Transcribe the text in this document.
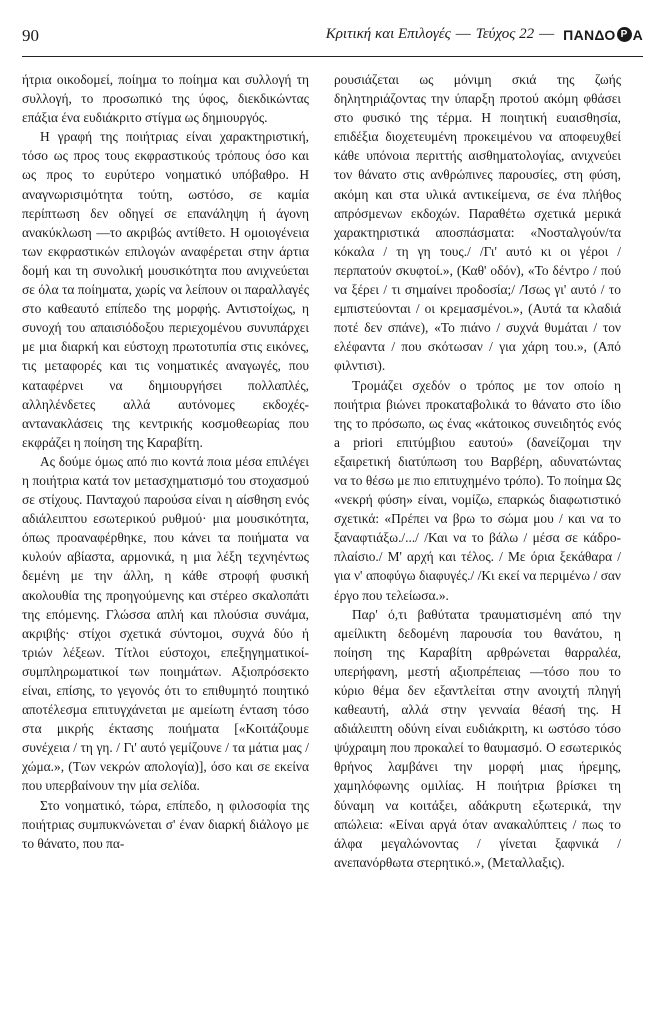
90	Κριτική και Επιλογές — Τεύχος 22 — ΠΑΝΔΟ Ρ Α

ήτρια οικοδομεί, ποίημα το ποίημα και συλλογή τη συλλογή, το προσωπικό της ύφος, διεκδικώντας επάξια ένα ευδιάκριτο στίγμα ως δημιουργός.

Η γραφή της ποιήτριας είναι χαρακτηριστική, τόσο ως προς τους εκφραστικούς τρόπους όσο και ως προς το ευρύτερο νοηματικό υπόβαθρο. Η αναγνωρισιμότητα τούτη, ωστόσο, σε καμία περίπτωση δεν οδηγεί σε επανάληψη ή άγονη ανακύκλωση —το ακριβώς αντίθετο. Η ομοιογένεια των εκφραστικών επιλογών αναφέρεται στην άρτια δομή και τη συνολική μουσικότητα που ανιχνεύεται σε όλα τα ποίηματα, χωρίς να λείπουν οι παραλλαγές στο καθεαυτό επίπεδο της μορφής. Αντιστοίχως, η συνοχή του απαισιόδοξου περιεχομένου συνυπάρχει με μια διαρκή και εύστοχη πρωτοτυπία στις εικόνες, τις μεταφορές και τις νοηματικές αναγωγές, που καταφέρνει να δημιουργήσει πολλαπλές, αλληλένδετες αλλά αυτόνομες εκδοχές-αντανακλάσεις της κεντρικής κοσμοθεωρίας που εκφράζει η ποίηση της Καραβίτη.

Ας δούμε όμως από πιο κοντά ποια μέσα επιλέγει η ποιήτρια κατά τον μετασχηματισμό του στοχασμού σε στίχους. Πανταχού παρούσα είναι η αίσθηση ενός αδιάλειπτου εσωτερικού ρυθμού· μια μουσικότητα, όπως προαναφέρθηκε, που κάνει τα ποιήματα να κυλούν αβίαστα, αρμονικά, η μια λέξη τεχνηέντως δεμένη με την άλλη, η κάθε στροφή φυσική ακολουθία της προηγούμενης και στέρεο σκαλοπάτι της επόμενης. Γλώσσα απλή και πλούσια συνάμα, ακριβής· στίχοι σχετικά σύντομοι, συχνά δύο ή τριών λέξεων. Τίτλοι εύστοχοι, επεξηγηματικοί-συμπληρωματικοί των ποιημάτων. Αξιοπρόσεκτο είναι, επίσης, το γεγονός ότι το επιθυμητό ποιητικό αποτέλεσμα επιτυγχάνεται με αμείωτη ένταση τόσο στα μικρής έκτασης ποιήματα [«Κοιτάζουμε συνέχεια / τη γη. / Γι' αυτό γεμίζουνε / τα μάτια μας / χώμα.», (Των νεκρών απολογία)], όσο και σε εκείνα που υπερβαίνουν την μία σελίδα.

Στο νοηματικό, τώρα, επίπεδο, η φιλοσοφία της ποιήτριας συμπυκνώνεται σ' έναν διαρκή διάλογο με το θάνατο, που πα-

ρουσιάζεται ως μόνιμη σκιά της ζωής δηλητηριάζοντας την ύπαρξη προτού ακόμη φθάσει στο φυσικό της τέρμα. Η ποιητική ευαισθησία, επιδέξια διοχετευμένη προκειμένου να αποφευχθεί κάθε υπόνοια περιττής αισθηματολογίας, ανιχνεύει τον θάνατο στις ανθρώπινες παρουσίες, στη φύση, ακόμη και στα υλικά αντικείμενα, σε ένα πλήθος απρόσμενων εκδοχών. Παραθέτω σχετικά μερικά χαρακτηριστικά αποσπάσματα: «Νοσταλγούν/τα κόκαλα / τη γη τους./ /Γι' αυτό κι οι γέροι / περπατούν σκυφτοί.», (Καθ' οδόν), «Το δέντρο / πού να ξέρει / τι σημαίνει προδοσία;/ /Ίσως γι' αυτό / το εμπιστεύονται / οι κρεμασμένοι.», (Αυτά τα κλαδιά ποτέ δεν σπάνε), «Το πιάνο / συχνά θυμάται / τον ελέφαντα / που σκότωσαν / για χάρη του.», (Από φιλντισι).

Τρομάζει σχεδόν ο τρόπος με τον οποίο η ποιήτρια βιώνει προκαταβολικά το θάνατο στο ίδιο της το πρόσωπο, ως ένας «κάτοικος συνειδητός ενός a priori επιτύμβιου εαυτού» (δανείζομαι την εξαιρετική διατύπωση του Βαρβέρη, αδυνατώντας να το θέσω με πιο επιτυχημένο τρόπο). Το ποίημα Ως «νεκρή φύση» είναι, νομίζω, επαρκώς διαφωτιστικό σχετικά: «Πρέπει να βρω το σώμα μου / και να το ξαναφτιάξω./.../ /Και να το βάλω / μέσα σε κάδρο-πλαίσιο./ Μ' αρχή και τέλος. / Με όρια ξεκάθαρα / για ν' αποφύγω διαφυγές./ /Κι εκεί να περιμένω / σαν έργο που τελείωσα.».

Παρ' ό,τι βαθύτατα τραυματισμένη από την αμείλικτη δεδομένη παρουσία του θανάτου, η ποίηση της Καραβίτη αρθρώνεται θαρραλέα, υπερήφανη, μεστή αξιοπρέπειας —τόσο που το κύριο θέμα δεν εξαντλείται στην ανοιχτή πληγή καθεαυτή, αλλά στην γενναία θέασή της. Η αδιάλειπτη οδύνη είναι ευδιάκριτη, κι ωστόσο τόσο ψύχραιμη που προκαλεί το θαυμασμό. Ο εσωτερικός θρήνος λαμβάνει την μορφή μιας ήρεμης, χαμηλόφωνης ομιλίας. Η ποιήτρια βρίσκει τη δύναμη να κοιτάξει, αδάκρυτη εξωτερικά, την απώλεια: «Είναι αργά όταν ανακαλύπτεις / πως το άλφα μεγαλώνοντας / γίνεται ξαφνικά / ανεπανόρθωτα στερητικό.», (Μεταλλαξις).
